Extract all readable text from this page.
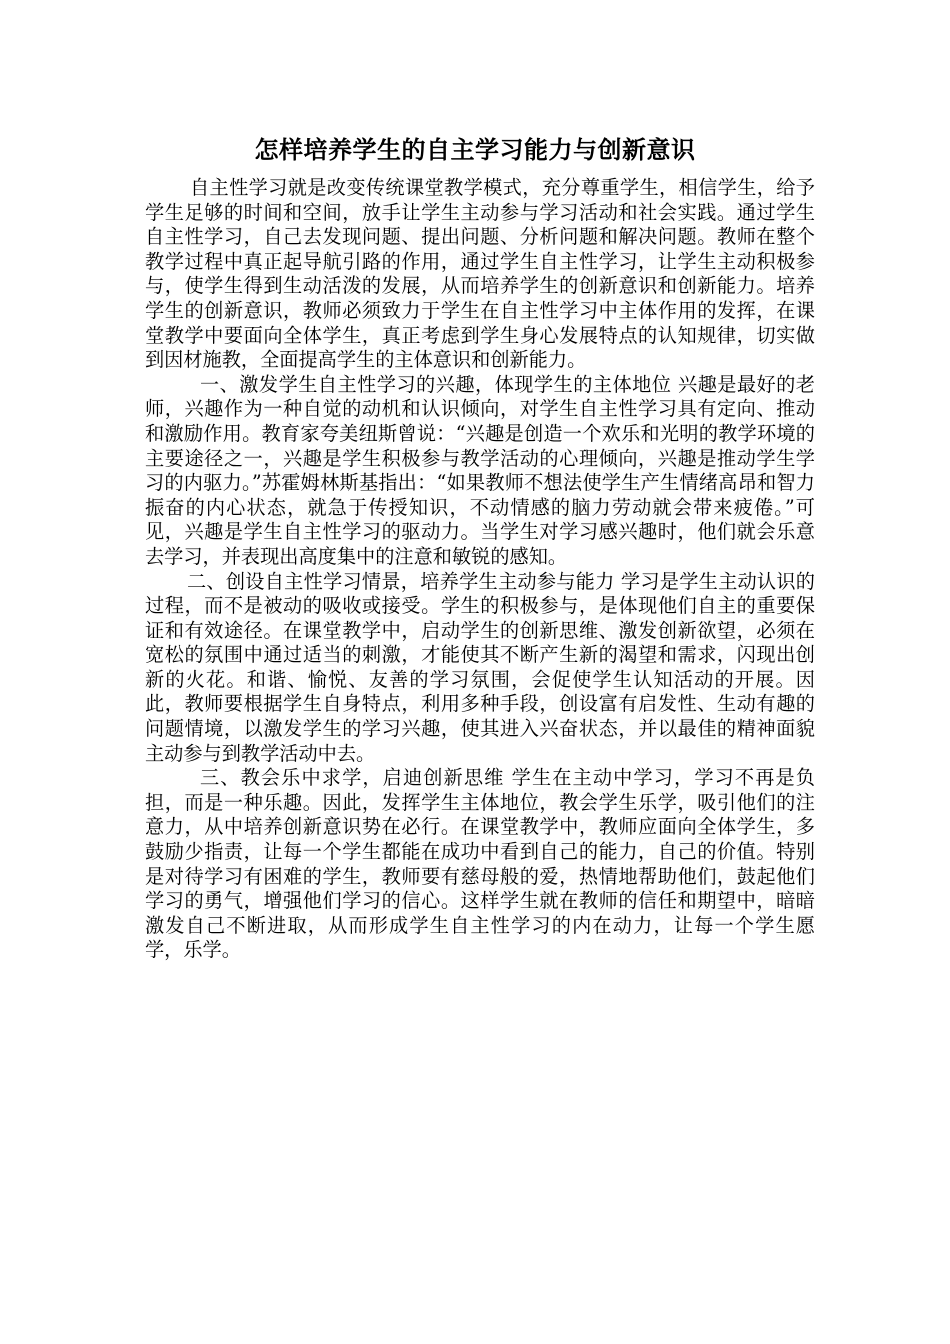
怎样培养学生的自主学习能力与创新意识

自主性学习就是改变传统课堂教学模式，充分尊重学生，相信学生，给予学生足够的时间和空间，放手让学生主动参与学习活动和社会实践。通过学生自主性学习，自己去发现问题、提出问题、分析问题和解决问题。教师在整个教学过程中真正起导航引路的作用，通过学生自主性学习，让学生主动积极参与，使学生得到生动活泼的发展，从而培养学生的创新意识和创新能力。培养学生的创新意识，教师必须致力于学生在自主性学习中主体作用的发挥，在课堂教学中要面向全体学生，真正考虑到学生身心发展特点的认知规律，切实做到因材施教，全面提高学生的主体意识和创新能力。

一、激发学生自主性学习的兴趣，体现学生的主体地位 兴趣是最好的老师，兴趣作为一种自觉的动机和认识倾向，对学生自主性学习具有定向、推动和激励作用。教育家夸美纽斯曾说：“兴趣是创造一个欢乐和光明的教学环境的主要途径之一，兴趣是学生积极参与教学活动的心理倾向，兴趣是推动学生学习的内驱力。”苏霍姆林斯基指出：“如果教师不想法使学生产生情绪高昂和智力振奋的内心状态，就急于传授知识，不动情感的脑力劳动就会带来疲倦。”可见，兴趣是学生自主性学习的驱动力。当学生对学习感兴趣时，他们就会乐意去学习，并表现出高度集中的注意和敏锐的感知。

二、创设自主性学习情景，培养学生主动参与能力 学习是学生主动认识的过程，而不是被动的吸收或接受。学生的积极参与，是体现他们自主的重要保证和有效途径。在课堂教学中，启动学生的创新思维、激发创新欲望，必须在宽松的氛围中通过适当的刺激，才能使其不断产生新的渴望和需求，闪现出创新的火花。和谐、愉悦、友善的学习氛围，会促使学生认知活动的开展。因此，教师要根据学生自身特点，利用多种手段，创设富有启发性、生动有趣的问题情境，以激发学生的学习兴趣，使其进入兴奋状态，并以最佳的精神面貌主动参与到教学活动中去。

三、教会乐中求学，启迪创新思维 学生在主动中学习，学习不再是负担，而是一种乐趣。因此，发挥学生主体地位，教会学生乐学，吸引他们的注意力，从中培养创新意识势在必行。在课堂教学中，教师应面向全体学生，多鼓励少指责，让每一个学生都能在成功中看到自己的能力，自己的价值。特别是对待学习有困难的学生，教师要有慈母般的爱，热情地帮助他们，鼓起他们学习的勇气，增强他们学习的信心。这样学生就在教师的信任和期望中，暗暗激发自己不断进取，从而形成学生自主性学习的内在动力，让每一个学生愿学，乐学。
